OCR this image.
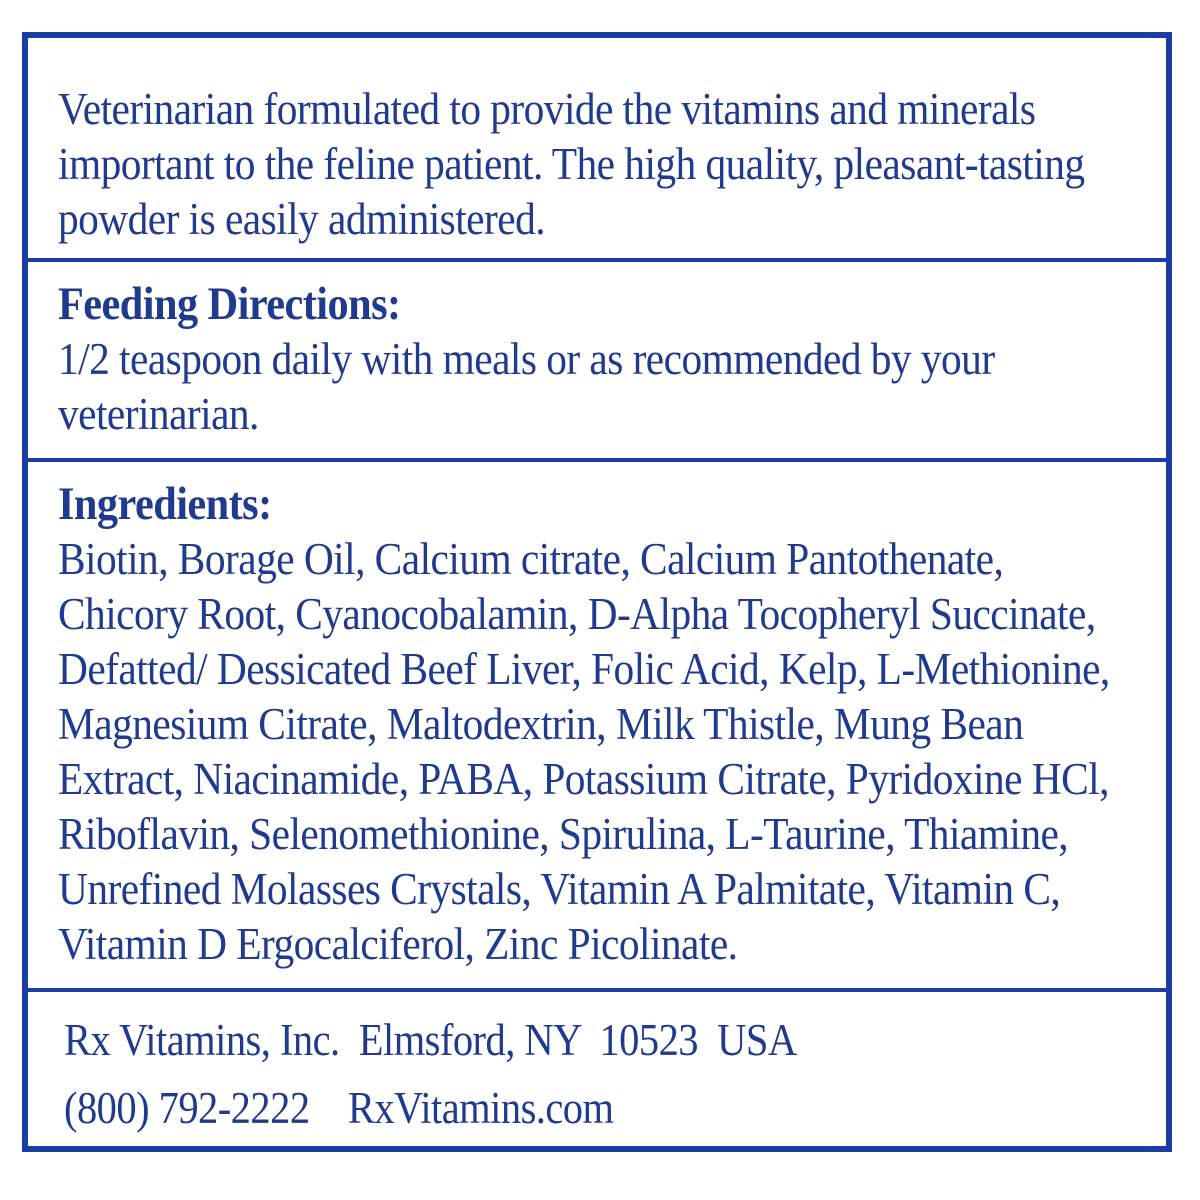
Veterinarian formulated to provide the vitamins and minerals important to the feline patient. The high quality, pleasant-tasting powder is easily administered.

Feeding Directions:

1/2 teaspoon daily with meals or as recommended by your veterinarian.

Ingredients:

Biotin, Borage Oil, Calcium citrate, Calcium Pantothenate, Chicory Root, Cyanocobalamin, D-Alpha Tocopheryl Succinate, Defatted/ Dessicated Beef Liver, Folic Acid, Kelp, L-Methionine, Magnesium Citrate, Maltodextrin, Milk Thistle, Mung Bean Extract, Niacinamide, PABA, Potassium Citrate, Pyridoxine HCl, Riboflavin, Selenomethionine, Spirulina, L-Taurine, Thiamine, Unrefined Molasses Crystals, Vitamin A Palmitate, Vitamin C, Vitamin D Ergocalciferol, Zinc Picolinate.

Rx Vitamins, Inc.  Elmsford, NY  10523  USA

(800) 792-2222    RxVitamins.com
